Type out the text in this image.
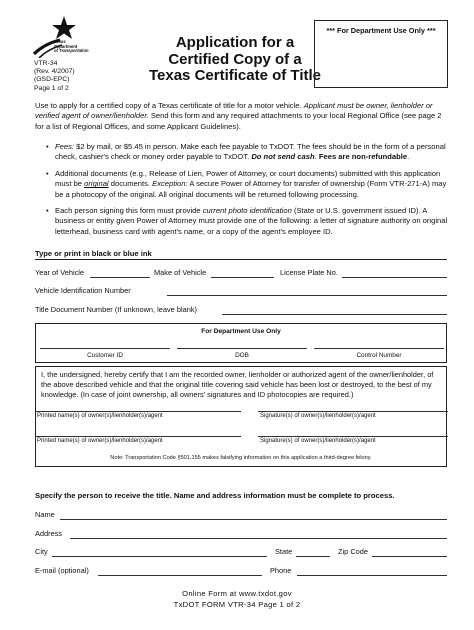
Texas
Department
of Transportation
VTR-34
(Rev. 4/2007)
(GSD-EPC)
Page 1 of 2
Application for a
Certified Copy of a
Texas Certificate of Title
*** For Department Use Only ***
Use to apply for a certified copy of a Texas certificate of title for a motor vehicle. Applicant must be owner, lienholder or verified agent of owner/lienholder. Send this form and any required attachments to your local Regional Office (see page 2 for a list of Regional Offices, and some Applicant Guidelines).
• Fees: $2 by mail, or $5.45 in person. Make each fee payable to TxDOT. The fees should be in the form of a personal check, cashier's check or money order payable to TxDOT. Do not send cash. Fees are non-refundable.
• Additional documents (e.g., Release of Lien, Power of Attorney, or court documents) submitted with this application must be original documents. Exception: A secure Power of Attorney for transfer of ownership (Form VTR-271-A) may be a photocopy of the original. All original documents will be returned following processing.
• Each person signing this form must provide current photo identification (State or U.S. government issued ID). A business or entity given Power of Attorney must provide one of the following: a letter of signature authority on original letterhead, business card with agent's name, or a copy of the agent's employee ID.
Type or print in black or blue ink
Year of Vehicle	Make of Vehicle	License Plate No.
Vehicle Identification Number
Title Document Number (If unknown, leave blank)
For Department Use Only
Customer ID	DOB	Control Number
I, the undersigned, hereby certify that I am the recorded owner, lienholder or authorized agent of the owner/lienholder, of the above described vehicle and that the original title covering said vehicle has been lost or destroyed, to the best of my knowledge. (In case of joint ownership, all owners' signatures and ID photocopies are required.)
Printed name(s) of owner(s)/lienholder(s)/agent	Signature(s) of owner(s)/lienholder(s)/agent
Printed name(s) of owner(s)/lienholder(s)/agent	Signature(s) of owner(s)/lienholder(s)/agent
Note: Transportation Code §501.155 makes falsifying information on this application a third-degree felony.
Specify the person to receive the title. Name and address information must be complete to process.
Name
Address
City	State	Zip Code
E-mail (optional)	Phone
Online Form at www.txdot.gov
TxDOT FORM VTR-34 Page 1 of 2
